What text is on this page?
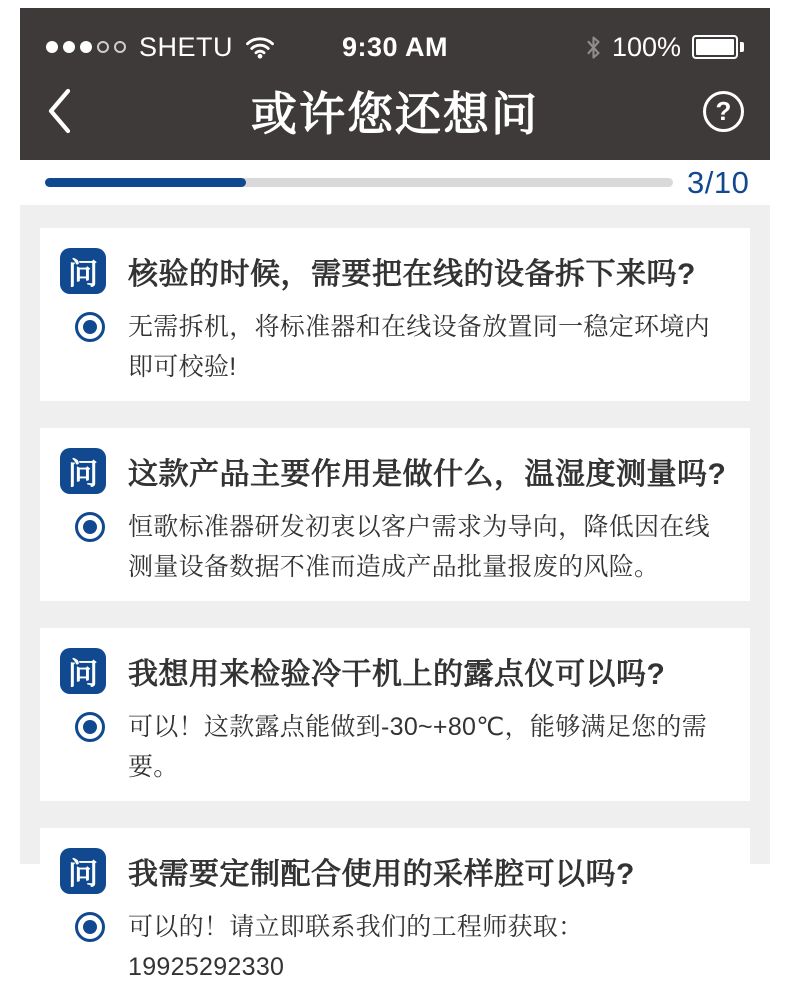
SHETU	9:30 AM	100%
或许您还想问	?
3/10
问 核验的时候，需要把在线的设备拆下来吗?

无需拆机，将标准器和在线设备放置同一稳定环境内即可校验!

问 这款产品主要作用是做什么，温湿度测量吗?

恒歌标准器研发初衷以客户需求为导向，降低因在线测量设备数据不准而造成产品批量报废的风险。

问 我想用来检验冷干机上的露点仪可以吗?

可以！这款露点能做到-30~+80℃，能够满足您的需要。

问 我需要定制配合使用的采样腔可以吗?

可以的！请立即联系我们的工程师获取：19925292330
